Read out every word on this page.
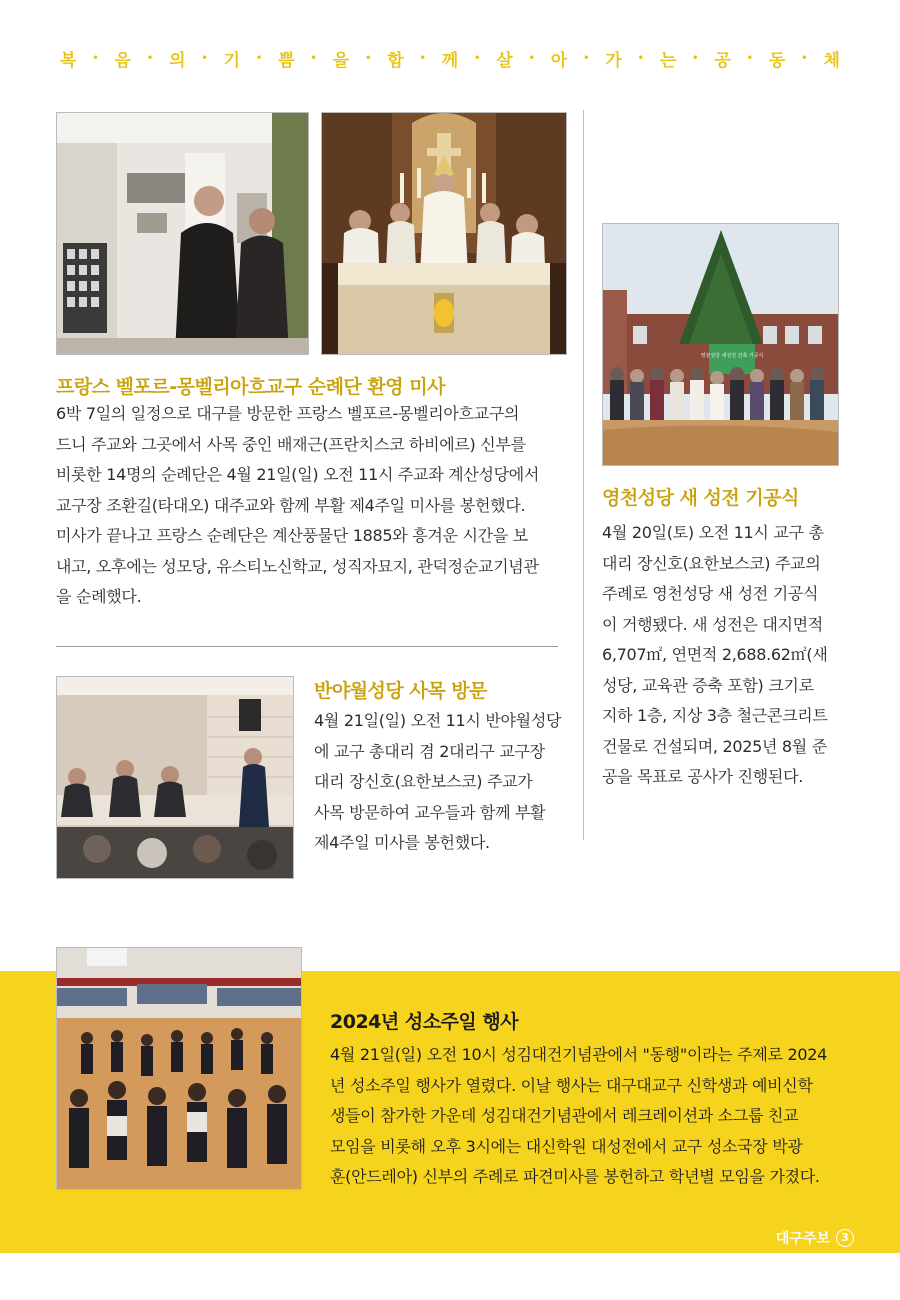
복 • 음 • 의 • 기 • 쁨 • 을 • 함 • 께 • 살 • 아 • 가 • 는 • 공 • 동 • 체
프랑스 벨포르-몽벨리아흐교구 순례단 환영 미사
6박 7일의 일정으로 대구를 방문한 프랑스 벨포르-몽벨리아흐교구의
드니 주교와 그곳에서 사목 중인 배재근(프란치스코 하비에르) 신부를
비롯한 14명의 순례단은 4월 21일(일) 오전 11시 주교좌 계산성당에서
교구장 조환길(타대오) 대주교와 함께 부활 제4주일 미사를 봉헌했다.
미사가 끝나고 프랑스 순례단은 계산풍물단 1885와 흥겨운 시간을 보
내고, 오후에는 성모당, 유스티노신학교, 성직자묘지, 관덕정순교기념관
을 순례했다.
반야월성당 사목 방문
4월 21일(일) 오전 11시 반야월성당
에 교구 총대리 겸 2대리구 교구장
대리 장신호(요한보스코) 주교가
사목 방문하여 교우들과 함께 부활
제4주일 미사를 봉헌했다.
영천성당 새성전 건축 기공식
영천성당 새 성전 기공식
4월 20일(토) 오전 11시 교구 총
대리 장신호(요한보스코) 주교의
주례로 영천성당 새 성전 기공식
이 거행됐다. 새 성전은 대지면적
6,707㎡, 연면적 2,688.62㎡(새
성당, 교육관 증축 포함) 크기로
지하 1층, 지상 3층 철근콘크리트
건물로 건설되며, 2025년 8월 준
공을 목표로 공사가 진행된다.
2024년 성소주일 행사
4월 21일(일) 오전 10시 성김대건기념관에서 "동행"이라는 주제로 2024
년 성소주일 행사가 열렸다. 이날 행사는 대구대교구 신학생과 예비신학
생들이 참가한 가운데 성김대건기념관에서 레크레이션과 소그룹 친교
모임을 비롯해 오후 3시에는 대신학원 대성전에서 교구 성소국장 박광
훈(안드레아) 신부의 주례로 파견미사를 봉헌하고 학년별 모임을 가졌다.
대구주보	3
